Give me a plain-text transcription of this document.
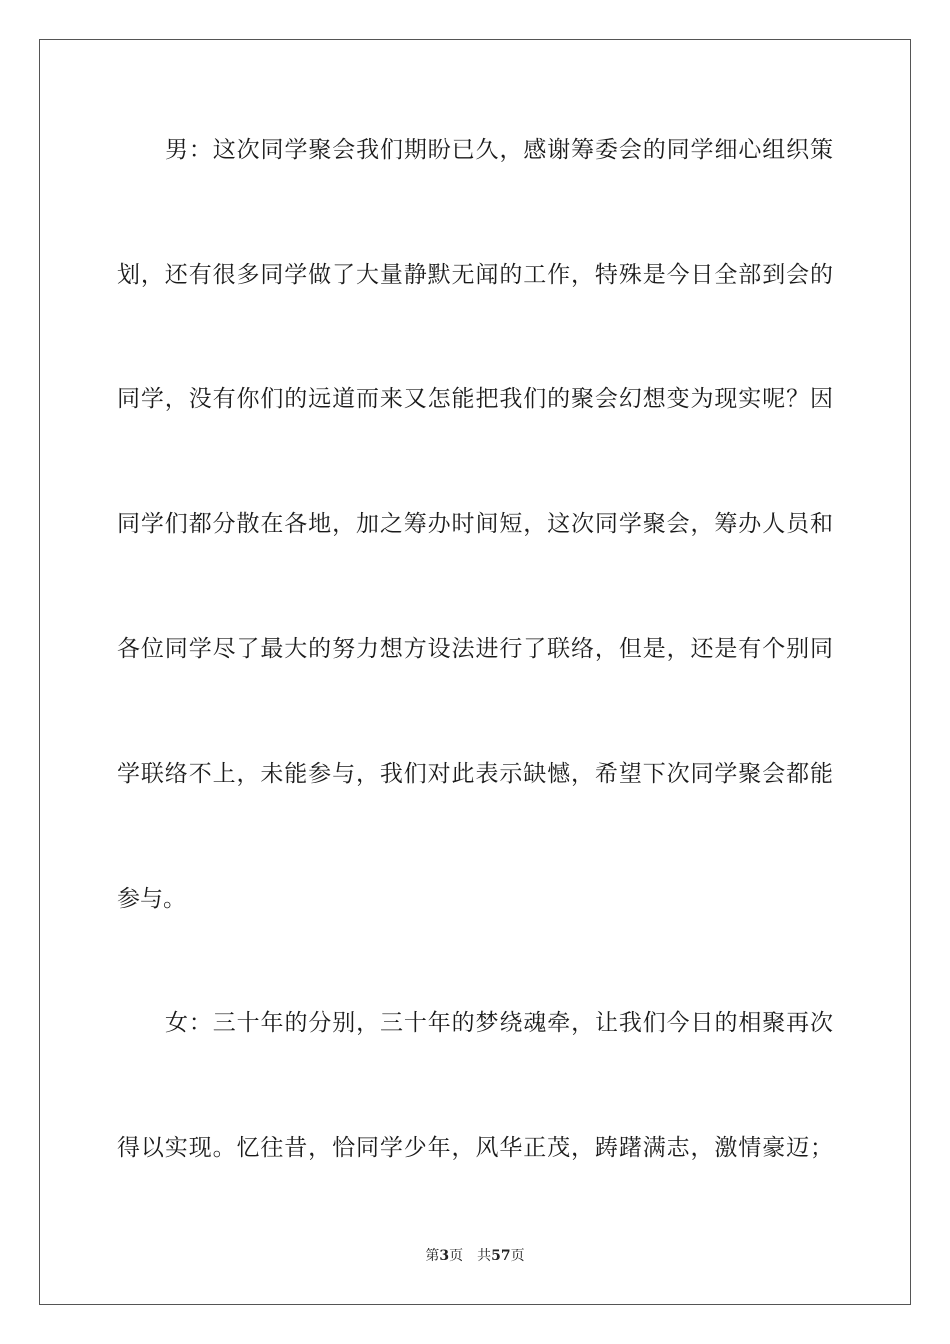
男：这次同学聚会我们期盼已久，感谢筹委会的同学细心组织策
划，还有很多同学做了大量静默无闻的工作，特殊是今日全部到会的
同学，没有你们的远道而来又怎能把我们的聚会幻想变为现实呢？因
同学们都分散在各地，加之筹办时间短，这次同学聚会，筹办人员和
各位同学尽了最大的努力想方设法进行了联络，但是，还是有个别同
学联络不上，未能参与，我们对此表示缺憾，希望下次同学聚会都能
参与。
女：三十年的分别，三十年的梦绕魂牵，让我们今日的相聚再次
得以实现。忆往昔，恰同学少年，风华正茂，踌躇满志，激情豪迈；
第3页　共57页
